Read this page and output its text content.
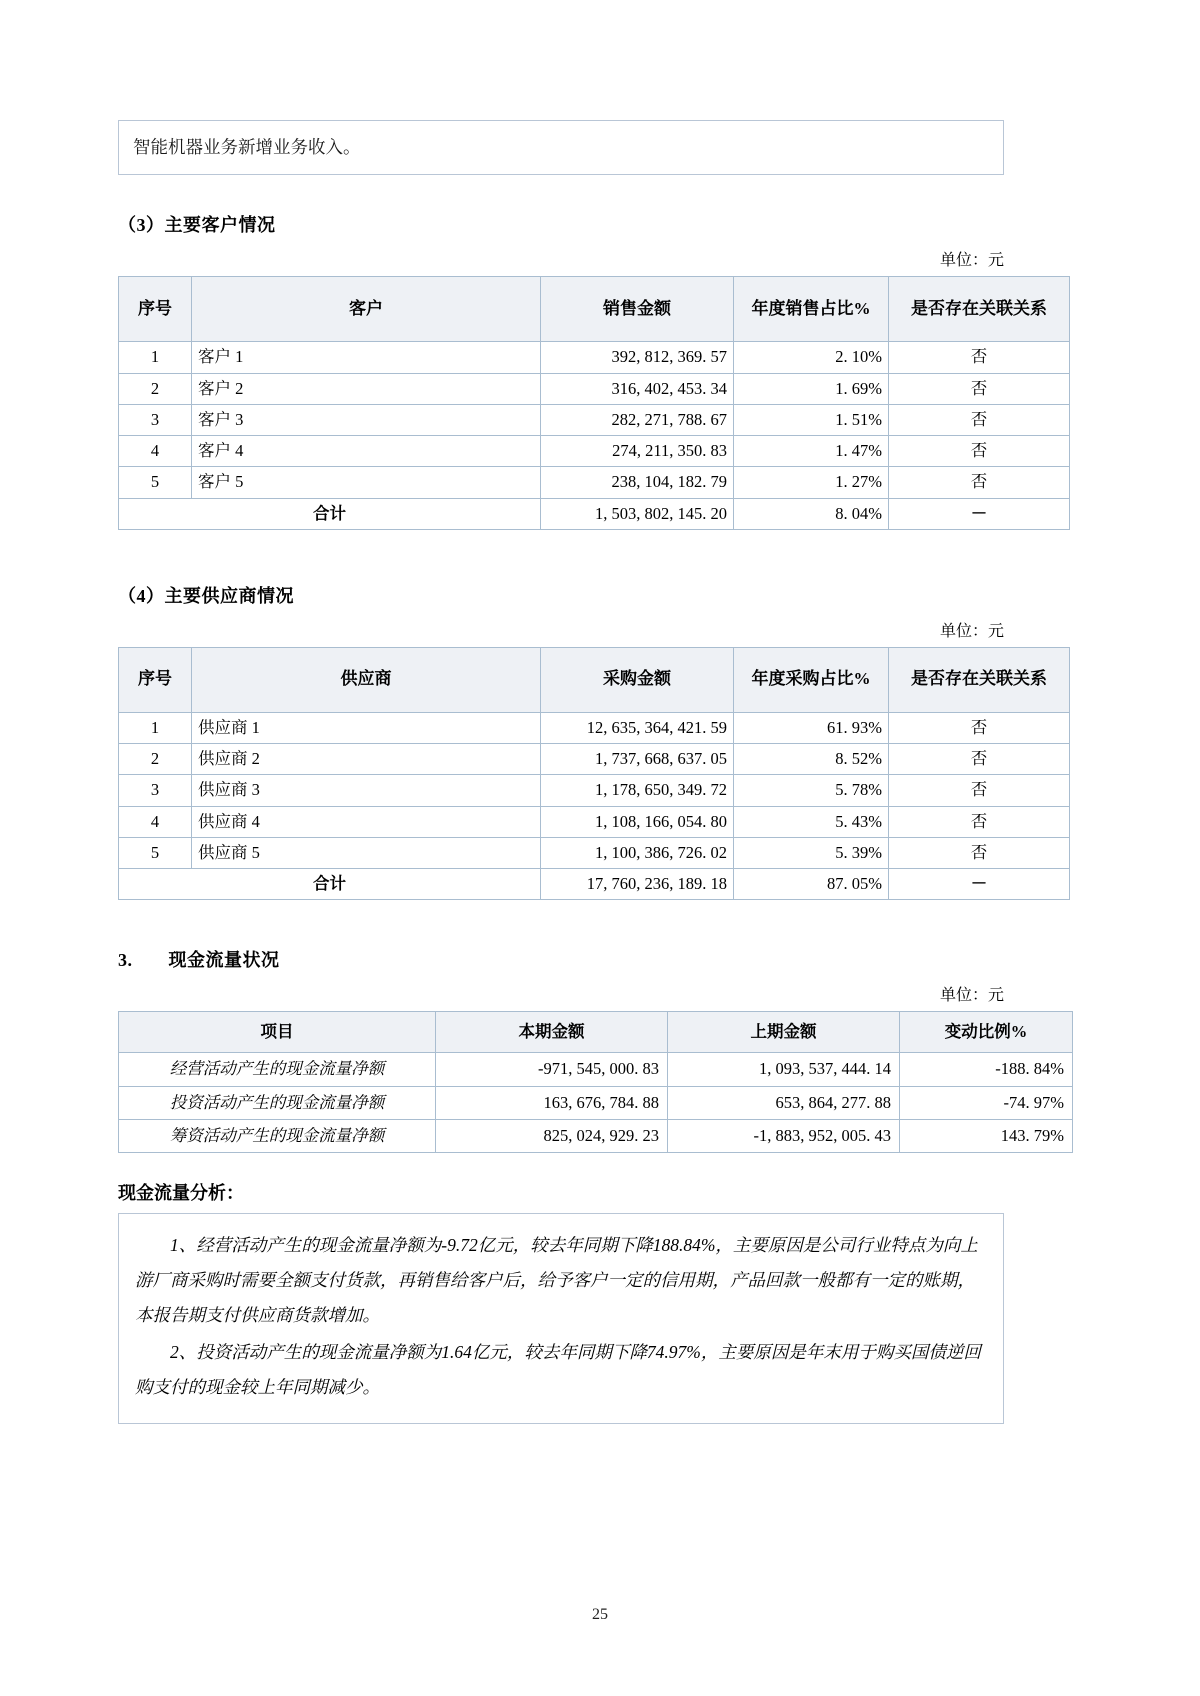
智能机器业务新增业务收入。
（3）主要客户情况
单位：元
序号	客户	销售金额	年度销售占比%	是否存在关联关系
1	客户 1	392, 812, 369. 57	2. 10%	否
2	客户 2	316, 402, 453. 34	1. 69%	否
3	客户 3	282, 271, 788. 67	1. 51%	否
4	客户 4	274, 211, 350. 83	1. 47%	否
5	客户 5	238, 104, 182. 79	1. 27%	否
合计		1, 503, 802, 145. 20	8. 04%	－
（4）主要供应商情况
单位：元
序号	供应商	采购金额	年度采购占比%	是否存在关联关系
1	供应商 1	12, 635, 364, 421. 59	61. 93%	否
2	供应商 2	1, 737, 668, 637. 05	8. 52%	否
3	供应商 3	1, 178, 650, 349. 72	5. 78%	否
4	供应商 4	1, 108, 166, 054. 80	5. 43%	否
5	供应商 5	1, 100, 386, 726. 02	5. 39%	否
合计		17, 760, 236, 189. 18	87. 05%	－
3. 现金流量状况
单位：元
项目	本期金额	上期金额	变动比例%
经营活动产生的现金流量净额	-971, 545, 000. 83	1, 093, 537, 444. 14	-188. 84%
投资活动产生的现金流量净额	163, 676, 784. 88	653, 864, 277. 88	-74. 97%
筹资活动产生的现金流量净额	825, 024, 929. 23	-1, 883, 952, 005. 43	143. 79%
现金流量分析：

1、经营活动产生的现金流量净额为-9.72亿元，较去年同期下降188.84%，主要原因是公司行业特点为向上游厂商采购时需要全额支付货款，再销售给客户后，给予客户一定的信用期，产品回款一般都有一定的账期，本报告期支付供应商货款增加。

2、投资活动产生的现金流量净额为1.64亿元，较去年同期下降74.97%，主要原因是年末用于购买国债逆回购支付的现金较上年同期减少。

25
